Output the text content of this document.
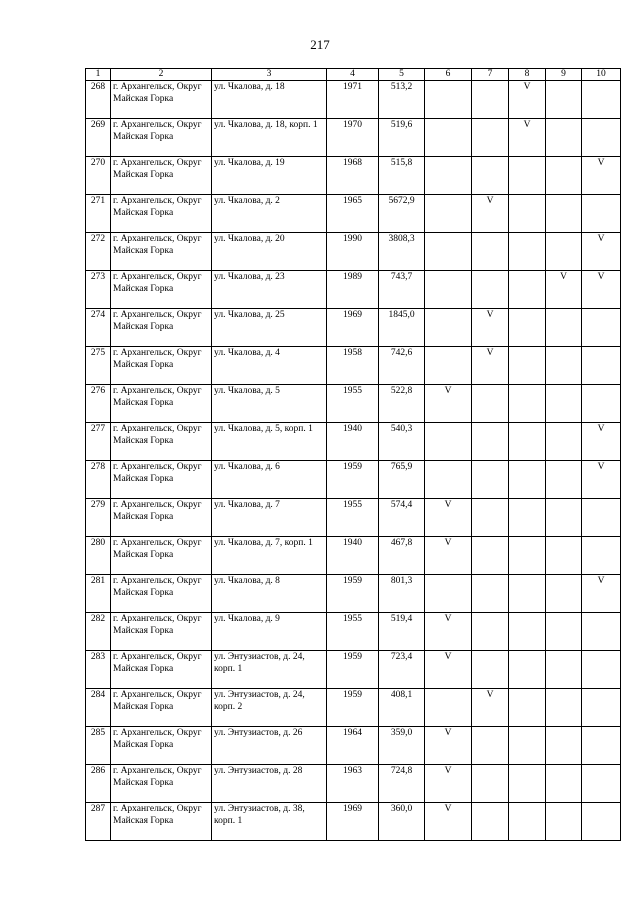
217
1	2	3	4	5	6	7	8	9	10
268	г. Архангельск, Округ Майская Горка	ул. Чкалова, д. 18	1971	513,2			V		
269	г. Архангельск, Округ Майская Горка	ул. Чкалова, д. 18, корп. 1	1970	519,6			V		
270	г. Архангельск, Округ Майская Горка	ул. Чкалова, д. 19	1968	515,8					V
271	г. Архангельск, Округ Майская Горка	ул. Чкалова, д. 2	1965	5672,9		V			
272	г. Архангельск, Округ Майская Горка	ул. Чкалова, д. 20	1990	3808,3					V
273	г. Архангельск, Округ Майская Горка	ул. Чкалова, д. 23	1989	743,7				V	V
274	г. Архангельск, Округ Майская Горка	ул. Чкалова, д. 25	1969	1845,0		V			
275	г. Архангельск, Округ Майская Горка	ул. Чкалова, д. 4	1958	742,6		V			
276	г. Архангельск, Округ Майская Горка	ул. Чкалова, д. 5	1955	522,8	V				
277	г. Архангельск, Округ Майская Горка	ул. Чкалова, д. 5, корп. 1	1940	540,3					V
278	г. Архангельск, Округ Майская Горка	ул. Чкалова, д. 6	1959	765,9					V
279	г. Архангельск, Округ Майская Горка	ул. Чкалова, д. 7	1955	574,4	V				
280	г. Архангельск, Округ Майская Горка	ул. Чкалова, д. 7, корп. 1	1940	467,8	V				
281	г. Архангельск, Округ Майская Горка	ул. Чкалова, д. 8	1959	801,3					V
282	г. Архангельск, Округ Майская Горка	ул. Чкалова, д. 9	1955	519,4	V				
283	г. Архангельск, Округ Майская Горка	ул. Энтузиастов, д. 24, корп. 1	1959	723,4	V				
284	г. Архангельск, Округ Майская Горка	ул. Энтузиастов, д. 24, корп. 2	1959	408,1		V			
285	г. Архангельск, Округ Майская Горка	ул. Энтузиастов, д. 26	1964	359,0	V				
286	г. Архангельск, Округ Майская Горка	ул. Энтузиастов, д. 28	1963	724,8	V				
287	г. Архангельск, Округ Майская Горка	ул. Энтузиастов, д. 38, корп. 1	1969	360,0	V				
